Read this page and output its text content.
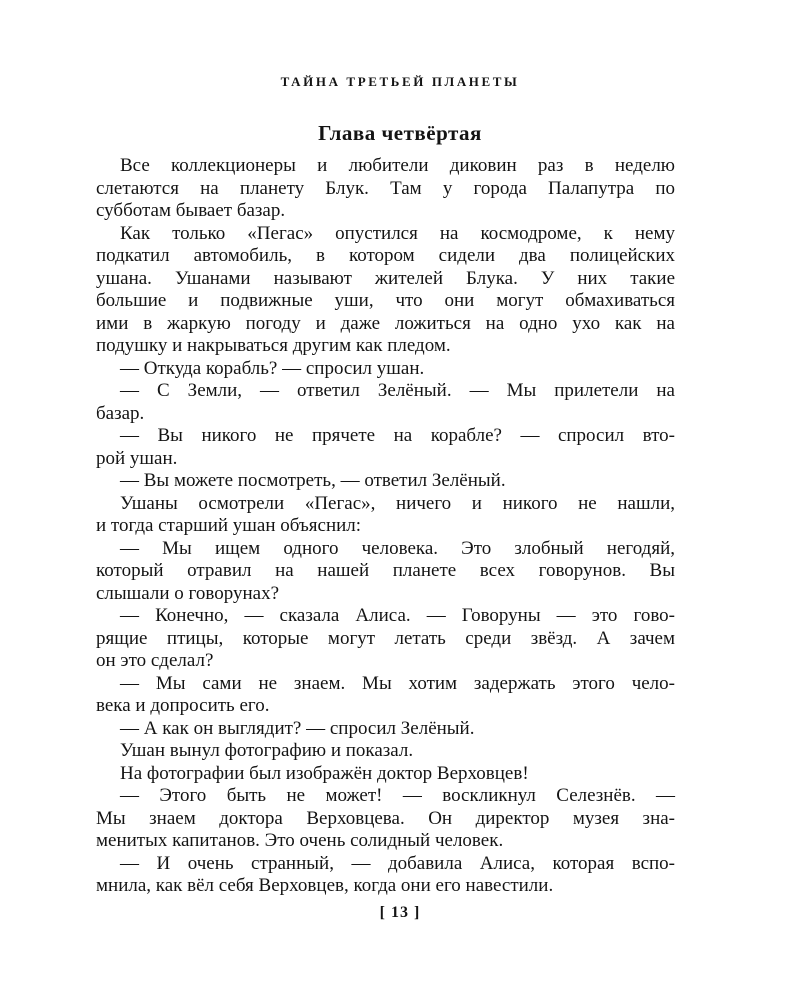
ТАЙНА ТРЕТЬЕЙ ПЛАНЕТЫ
Глава четвёртая
Все коллекционеры и любители диковин раз в неделю
слетаются на планету Блук. Там у города Палапутра по
субботам бывает базар.
Как только «Пегас» опустился на космодроме, к нему
подкатил автомобиль, в котором сидели два полицейских
ушана. Ушанами называют жителей Блука. У них такие
большие и подвижные уши, что они могут обмахиваться
ими в жаркую погоду и даже ложиться на одно ухо как на
подушку и накрываться другим как пледом.
— Откуда корабль? — спросил ушан.
— С Земли, — ответил Зелёный. — Мы прилетели на
базар.
— Вы никого не прячете на корабле? — спросил вто-
рой ушан.
— Вы можете посмотреть, — ответил Зелёный.
Ушаны осмотрели «Пегас», ничего и никого не нашли,
и тогда старший ушан объяснил:
— Мы ищем одного человека. Это злобный негодяй,
который отравил на нашей планете всех говорунов. Вы
слышали о говорунах?
— Конечно, — сказала Алиса. — Говоруны — это гово-
рящие птицы, которые могут летать среди звёзд. А зачем
он это сделал?
— Мы сами не знаем. Мы хотим задержать этого чело-
века и допросить его.
— А как он выглядит? — спросил Зелёный.
Ушан вынул фотографию и показал.
На фотографии был изображён доктор Верховцев!
— Этого быть не может! — воскликнул Селезнёв. —
Мы знаем доктора Верховцева. Он директор музея зна-
менитых капитанов. Это очень солидный человек.
— И очень странный, — добавила Алиса, которая вспо-
мнила, как вёл себя Верховцев, когда они его навестили.
[ 13 ]
